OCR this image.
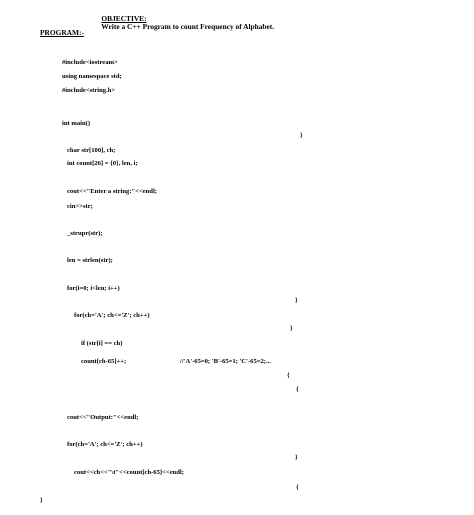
OBJECTIVE:
Write a C++ Program to count Frequency of Alphabet.

PROGRAM:-
#include<iostream>
using namespace std;
#include<string.h>
int main()
}
char str[100], ch;
int count[26] = {0}, len, i;
cout<<"Enter a string:"<<endl;
cin>>str;
_strupr(str);
len = strlen(str);
for(i=0; i<len; i++)
}
for(ch='A'; ch<='Z'; ch++)
}
if (str[i] == ch)
count[ch-65]++;	//'A'-65=0; 'B'-65=1; 'C'-65=2;...
{
{
cout<<"Output:"<<endl;
for(ch='A'; ch<='Z'; ch++)
}
cout<<ch<<"\t"<<count[ch-65]<<endl;
{
}
